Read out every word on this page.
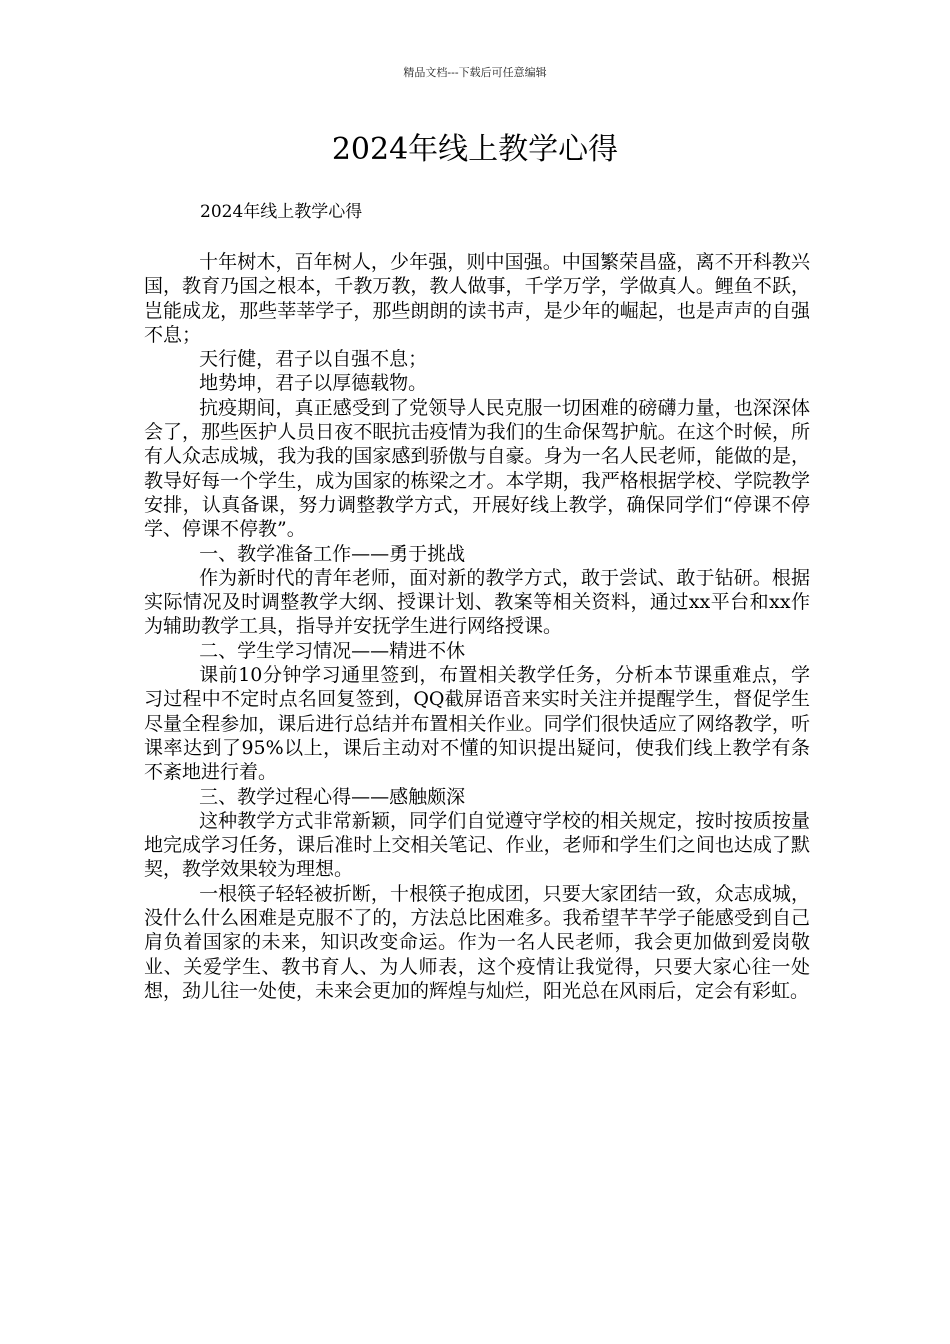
精品文档---下载后可任意编辑
2024年线上教学心得
2024年线上教学心得

十年树木，百年树人，少年强，则中国强。中国繁荣昌盛，离不开科教兴国，教育乃国之根本，千教万教，教人做事，千学万学，学做真人。鲤鱼不跃，岂能成龙，那些莘莘学子，那些朗朗的读书声，是少年的崛起，也是声声的自强不息；

天行健，君子以自强不息；

地势坤，君子以厚德载物。

抗疫期间，真正感受到了党领导人民克服一切困难的磅礴力量，也深深体会了，那些医护人员日夜不眠抗击疫情为我们的生命保驾护航。在这个时候，所有人众志成城，我为我的国家感到骄傲与自豪。身为一名人民老师，能做的是，教导好每一个学生，成为国家的栋梁之才。本学期，我严格根据学校、学院教学安排，认真备课，努力调整教学方式，开展好线上教学，确保同学们“停课不停学、停课不停教”。

一、教学准备工作——勇于挑战

作为新时代的青年老师，面对新的教学方式，敢于尝试、敢于钻研。根据实际情况及时调整教学大纲、授课计划、教案等相关资料，通过xx平台和xx作为辅助教学工具，指导并安抚学生进行网络授课。

二、学生学习情况——精进不休

课前10分钟学习通里签到，布置相关教学任务，分析本节课重难点，学习过程中不定时点名回复签到，QQ截屏语音来实时关注并提醒学生，督促学生尽量全程参加，课后进行总结并布置相关作业。同学们很快适应了网络教学，听课率达到了95%以上，课后主动对不懂的知识提出疑问，使我们线上教学有条不紊地进行着。

三、教学过程心得——感触颇深

这种教学方式非常新颖，同学们自觉遵守学校的相关规定，按时按质按量地完成学习任务，课后准时上交相关笔记、作业，老师和学生们之间也达成了默契，教学效果较为理想。

一根筷子轻轻被折断，十根筷子抱成团，只要大家团结一致，众志成城，没什么什么困难是克服不了的，方法总比困难多。我希望芊芊学子能感受到自己肩负着国家的未来，知识改变命运。作为一名人民老师，我会更加做到爱岗敬业、关爱学生、教书育人、为人师表，这个疫情让我觉得，只要大家心往一处想，劲儿往一处使，未来会更加的辉煌与灿烂，阳光总在风雨后，定会有彩虹。
